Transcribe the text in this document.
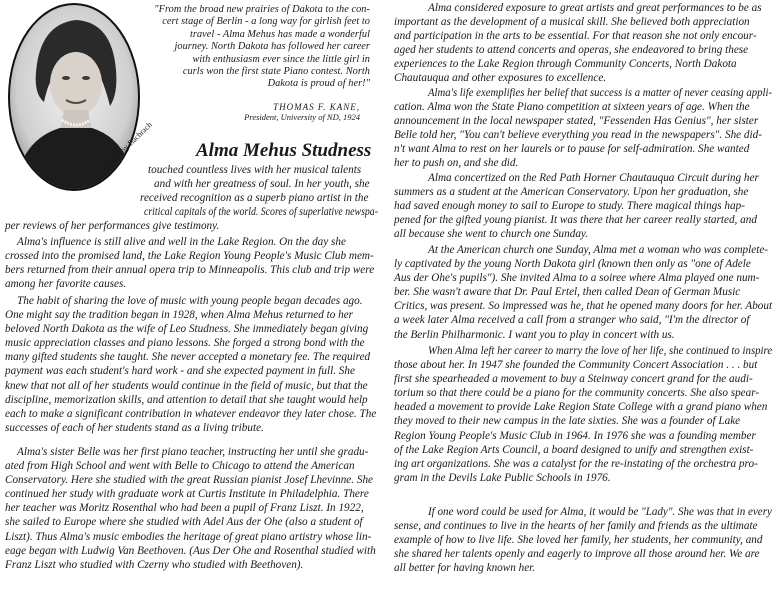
Photo by Bachrach
"From the broad new prairies of Dakota to the con-
cert stage of Berlin - a long way for girlish feet to
travel - Alma Mehus has made a wonderful
journey. North Dakota has followed her career
with enthusiasm ever since the little girl in
curls won the first state Piano contest. North
Dakota is proud of her!"
THOMAS F. KANE,
President, University of ND, 1924
Alma Mehus Studness
touched countless lives with her musical talents
and with her greatness of soul. In her youth, she
received recognition as a superb piano artist in the
critical capitals of the world. Scores of superlative newspa-
per reviews of her performances give testimony.
Alma's influence is still alive and well in the Lake Region. On the day she
crossed into the promised land, the Lake Region Young People's Music Club mem-
bers returned from their annual opera trip to Minneapolis. This club and trip were
among her favorite causes.
The habit of sharing the love of music with young people began decades ago.
One might say the tradition began in 1928, when Alma Mehus returned to her
beloved North Dakota as the wife of Leo Studness. She immediately began giving
music appreciation classes and piano lessons. She forged a strong bond with the
many gifted students she taught. She never accepted a monetary fee. The required
payment was each student's hard work - and she expected payment in full. She
knew that not all of her students would continue in the field of music, but that the
discipline, memorization skills, and attention to detail that she taught would help
each to make a significant contribution in whatever endeavor they later chose. The
successes of each of her students stand as a living tribute.
Alma's sister Belle was her first piano teacher, instructing her until she gradu-
ated from High School and went with Belle to Chicago to attend the American
Conservatory. Here she studied with the great Russian pianist Josef Lhevinne. She
continued her study with graduate work at Curtis Institute in Philadelphia. There
her teacher was Moritz Rosenthal who had been a pupil of Franz Liszt. In 1922,
she sailed to Europe where she studied with Adel Aus der Ohe (also a student of
Liszt). Thus Alma's music embodies the heritage of great piano artistry whose lin-
eage began with Ludwig Van Beethoven. (Aus Der Ohe and Rosenthal studied with
Franz Liszt who studied with Czerny who studied with Beethoven).
Alma considered exposure to great artists and great performances to be as
important as the development of a musical skill. She believed both appreciation
and participation in the arts to be essential. For that reason she not only encour-
aged her students to attend concerts and operas, she endeavored to bring these
experiences to the Lake Region through Community Concerts, North Dakota
Chautauqua and other exposures to excellence.
Alma's life exemplifies her belief that success is a matter of never ceasing appli-
cation. Alma won the State Piano competition at sixteen years of age. When the
announcement in the local newspaper stated, "Fessenden Has Genius", her sister
Belle told her, "You can't believe everything you read in the newspapers". She did-
n't want Alma to rest on her laurels or to pause for self-admiration. She wanted
her to push on, and she did.
Alma concertized on the Red Path Horner Chautauqua Circuit during her
summers as a student at the American Conservatory. Upon her graduation, she
had saved enough money to sail to Europe to study. There magical things hap-
pened for the gifted young pianist. It was there that her career really started, and
all because she went to church one Sunday.
At the American church one Sunday, Alma met a woman who was complete-
ly captivated by the young North Dakota girl (known then only as "one of Adele
Aus der Ohe's pupils"). She invited Alma to a soiree where Alma played one num-
ber. She wasn't aware that Dr. Paul Ertel, then called Dean of German Music
Critics, was present. So impressed was he, that he opened many doors for her. About
a week later Alma received a call from a stranger who said, "I'm the director of
the Berlin Philharmonic. I want you to play in concert with us.
When Alma left her career to marry the love of her life, she continued to inspire
those about her. In 1947 she founded the Community Concert Association . . . but
first she spearheaded a movement to buy a Steinway concert grand for the audi-
torium so that there could be a piano for the community concerts. She also spear-
headed a movement to provide Lake Region State College with a grand piano when
they moved to their new campus in the late sixties. She was a founder of Lake
Region Young People's Music Club in 1964. In 1976 she was a founding member
of the Lake Region Arts Council, a board designed to unify and strengthen exist-
ing art organizations. She was a catalyst for the re-instating of the orchestra pro-
gram in the Devils Lake Public Schools in 1976.
If one word could be used for Alma, it would be "Lady". She was that in every
sense, and continues to live in the hearts of her family and friends as the ultimate
example of how to live life. She loved her family, her students, her community, and
she shared her talents openly and eagerly to improve all those around her. We are
all better for having known her.
